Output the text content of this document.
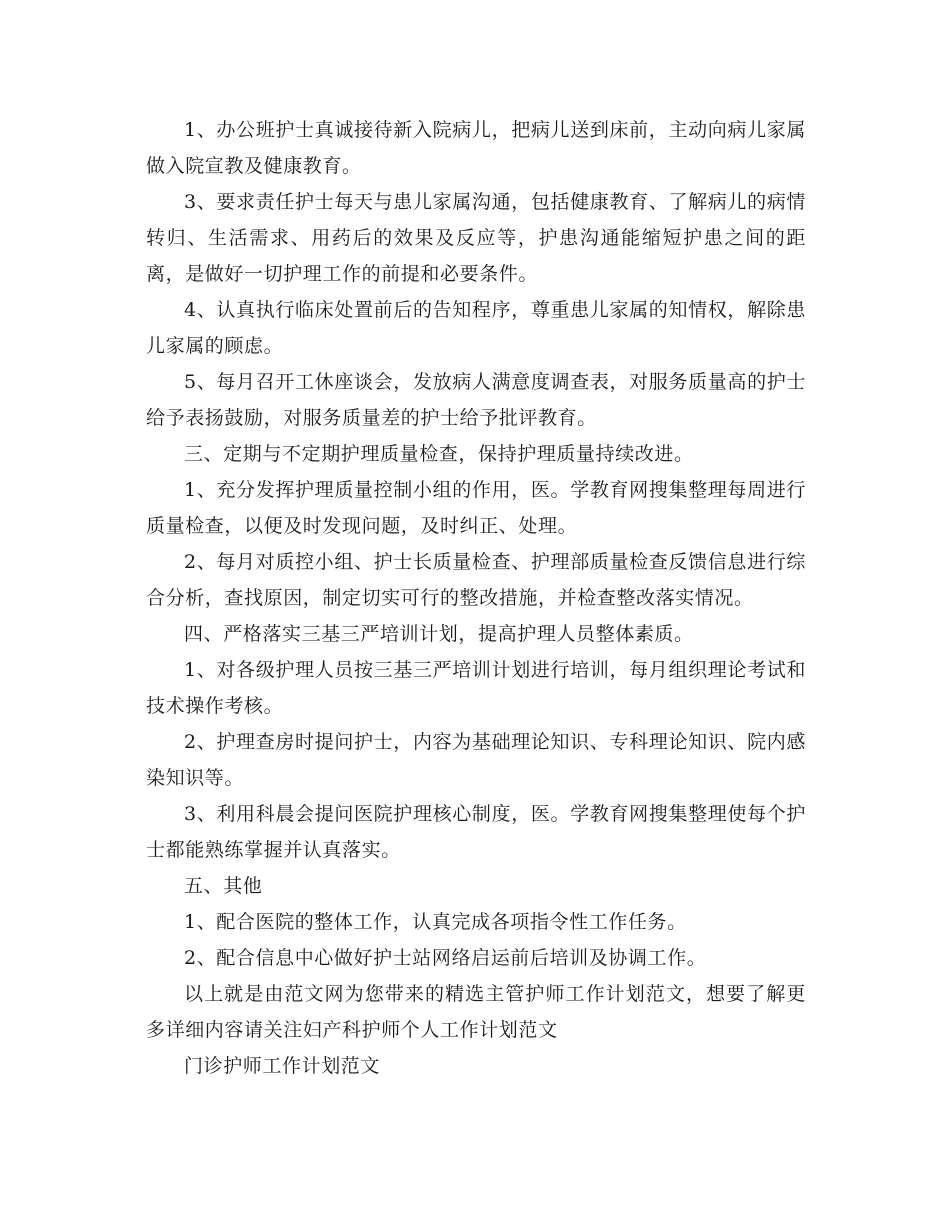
1、办公班护士真诚接待新入院病儿，把病儿送到床前，主动向病儿家属做入院宣教及健康教育。

3、要求责任护士每天与患儿家属沟通，包括健康教育、了解病儿的病情转归、生活需求、用药后的效果及反应等，护患沟通能缩短护患之间的距离，是做好一切护理工作的前提和必要条件。

4、认真执行临床处置前后的告知程序，尊重患儿家属的知情权，解除患儿家属的顾虑。

5、每月召开工休座谈会，发放病人满意度调查表，对服务质量高的护士给予表扬鼓励，对服务质量差的护士给予批评教育。

三、定期与不定期护理质量检查，保持护理质量持续改进。

1、充分发挥护理质量控制小组的作用，医。学教育网搜集整理每周进行质量检查，以便及时发现问题，及时纠正、处理。

2、每月对质控小组、护士长质量检查、护理部质量检查反馈信息进行综合分析，查找原因，制定切实可行的整改措施，并检查整改落实情况。

四、严格落实三基三严培训计划，提高护理人员整体素质。

1、对各级护理人员按三基三严培训计划进行培训，每月组织理论考试和技术操作考核。

2、护理查房时提问护士，内容为基础理论知识、专科理论知识、院内感染知识等。

3、利用科晨会提问医院护理核心制度，医。学教育网搜集整理使每个护士都能熟练掌握并认真落实。

五、其他

1、配合医院的整体工作，认真完成各项指令性工作任务。

2、配合信息中心做好护士站网络启运前后培训及协调工作。

以上就是由范文网为您带来的精选主管护师工作计划范文，想要了解更多详细内容请关注妇产科护师个人工作计划范文

门诊护师工作计划范文
